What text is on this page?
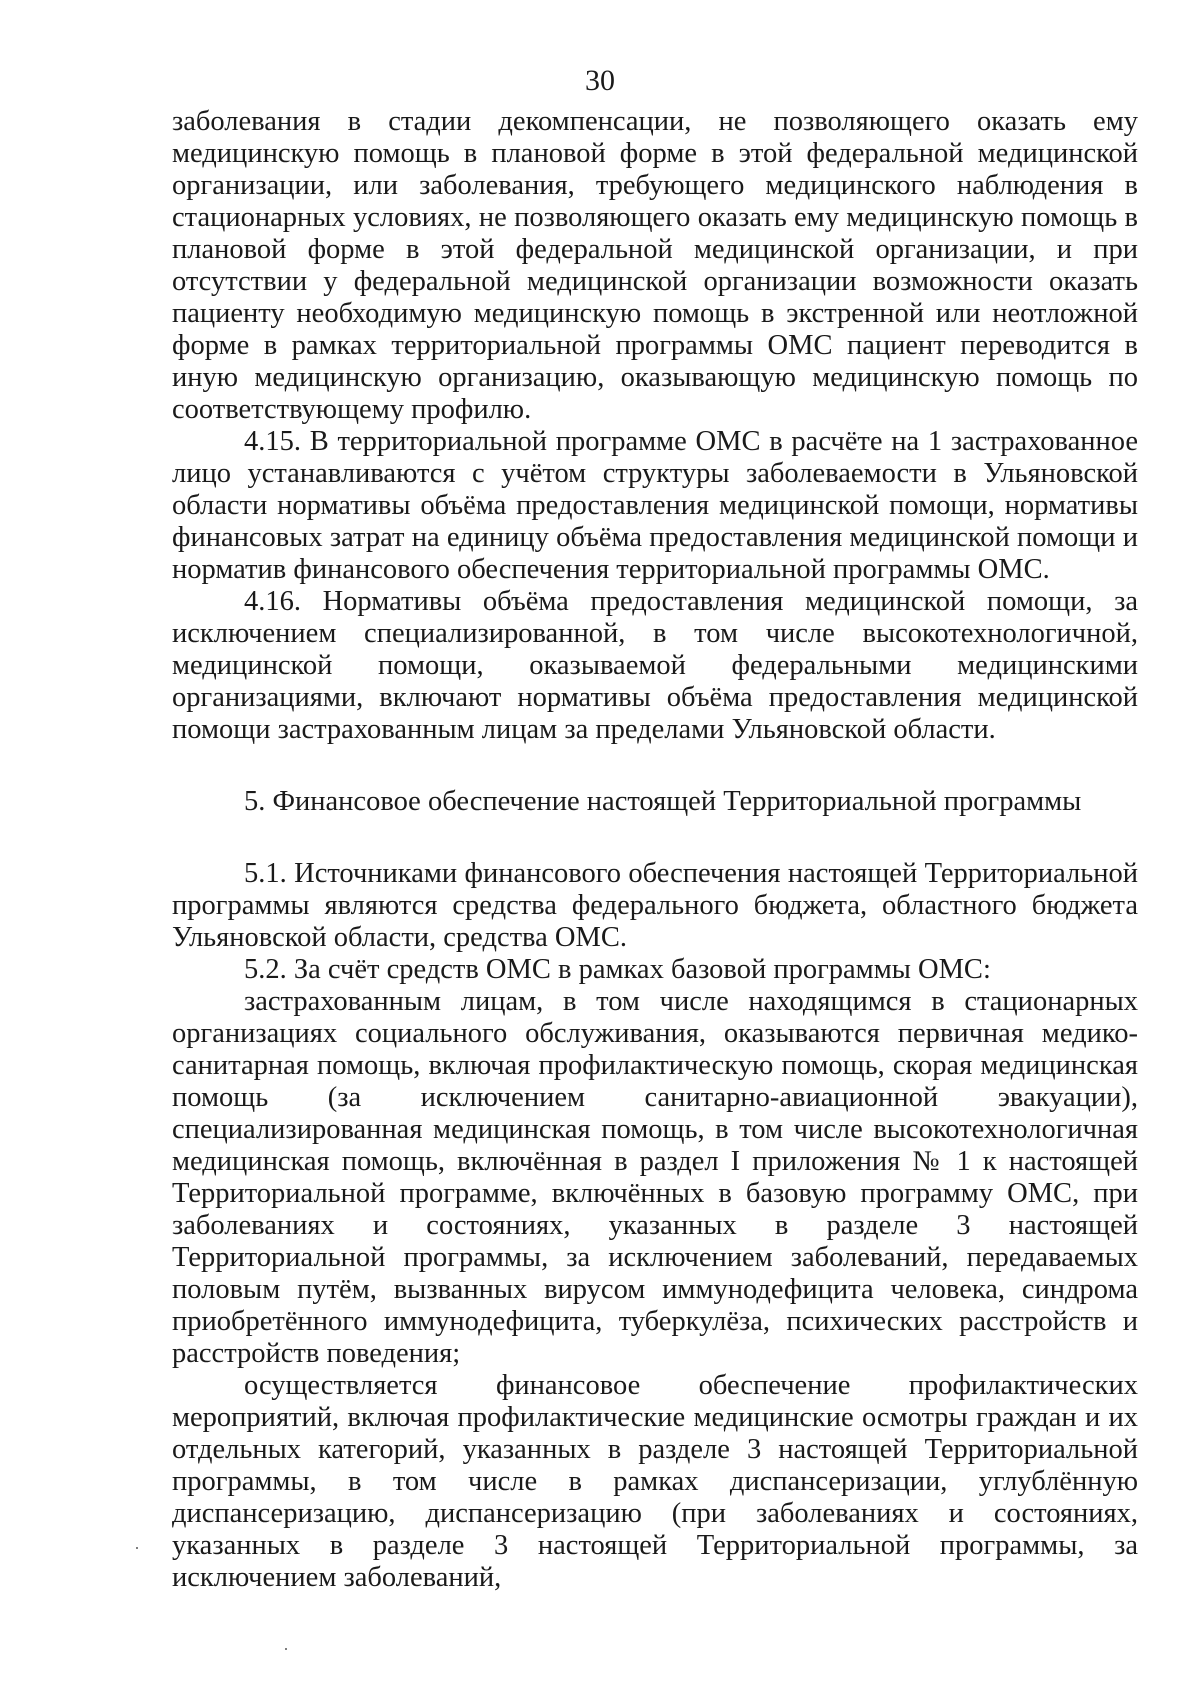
30

заболевания в стадии декомпенсации, не позволяющего оказать ему медицинскую помощь в плановой форме в этой федеральной медицинской организации, или заболевания, требующего медицинского наблюдения в стационарных условиях, не позволяющего оказать ему медицинскую помощь в плановой форме в этой федеральной медицинской организации, и при отсутствии у федеральной медицинской организации возможности оказать пациенту необходимую медицинскую помощь в экстренной или неотложной форме в рамках территориальной программы ОМС пациент переводится в иную медицинскую организацию, оказывающую медицинскую помощь по соответствующему профилю.

4.15. В территориальной программе ОМС в расчёте на 1 застрахованное лицо устанавливаются с учётом структуры заболеваемости в Ульяновской области нормативы объёма предоставления медицинской помощи, нормативы финансовых затрат на единицу объёма предоставления медицинской помощи и норматив финансового обеспечения территориальной программы ОМС.

4.16. Нормативы объёма предоставления медицинской помощи, за исключением специализированной, в том числе высокотехнологичной, медицинской помощи, оказываемой федеральными медицинскими организациями, включают нормативы объёма предоставления медицинской помощи застрахованным лицам за пределами Ульяновской области.

5. Финансовое обеспечение настоящей Территориальной программы

5.1. Источниками финансового обеспечения настоящей Территориальной программы являются средства федерального бюджета, областного бюджета Ульяновской области, средства ОМС.

5.2. За счёт средств ОМС в рамках базовой программы ОМС:

застрахованным лицам, в том числе находящимся в стационарных организациях социального обслуживания, оказываются первичная медико-санитарная помощь, включая профилактическую помощь, скорая медицинская помощь (за исключением санитарно-авиационной эвакуации), специализированная медицинская помощь, в том числе высокотехнологичная медицинская помощь, включённая в раздел I приложения № 1 к настоящей Территориальной программе, включённых в базовую программу ОМС, при заболеваниях и состояниях, указанных в разделе 3 настоящей Территориальной программы, за исключением заболеваний, передаваемых половым путём, вызванных вирусом иммунодефицита человека, синдрома приобретённого иммунодефицита, туберкулёза, психических расстройств и расстройств поведения;

осуществляется финансовое обеспечение профилактических мероприятий, включая профилактические медицинские осмотры граждан и их отдельных категорий, указанных в разделе 3 настоящей Территориальной программы, в том числе в рамках диспансеризации, углублённую диспансеризацию, диспансеризацию (при заболеваниях и состояниях, указанных в разделе 3 настоящей Территориальной программы, за исключением заболеваний,
